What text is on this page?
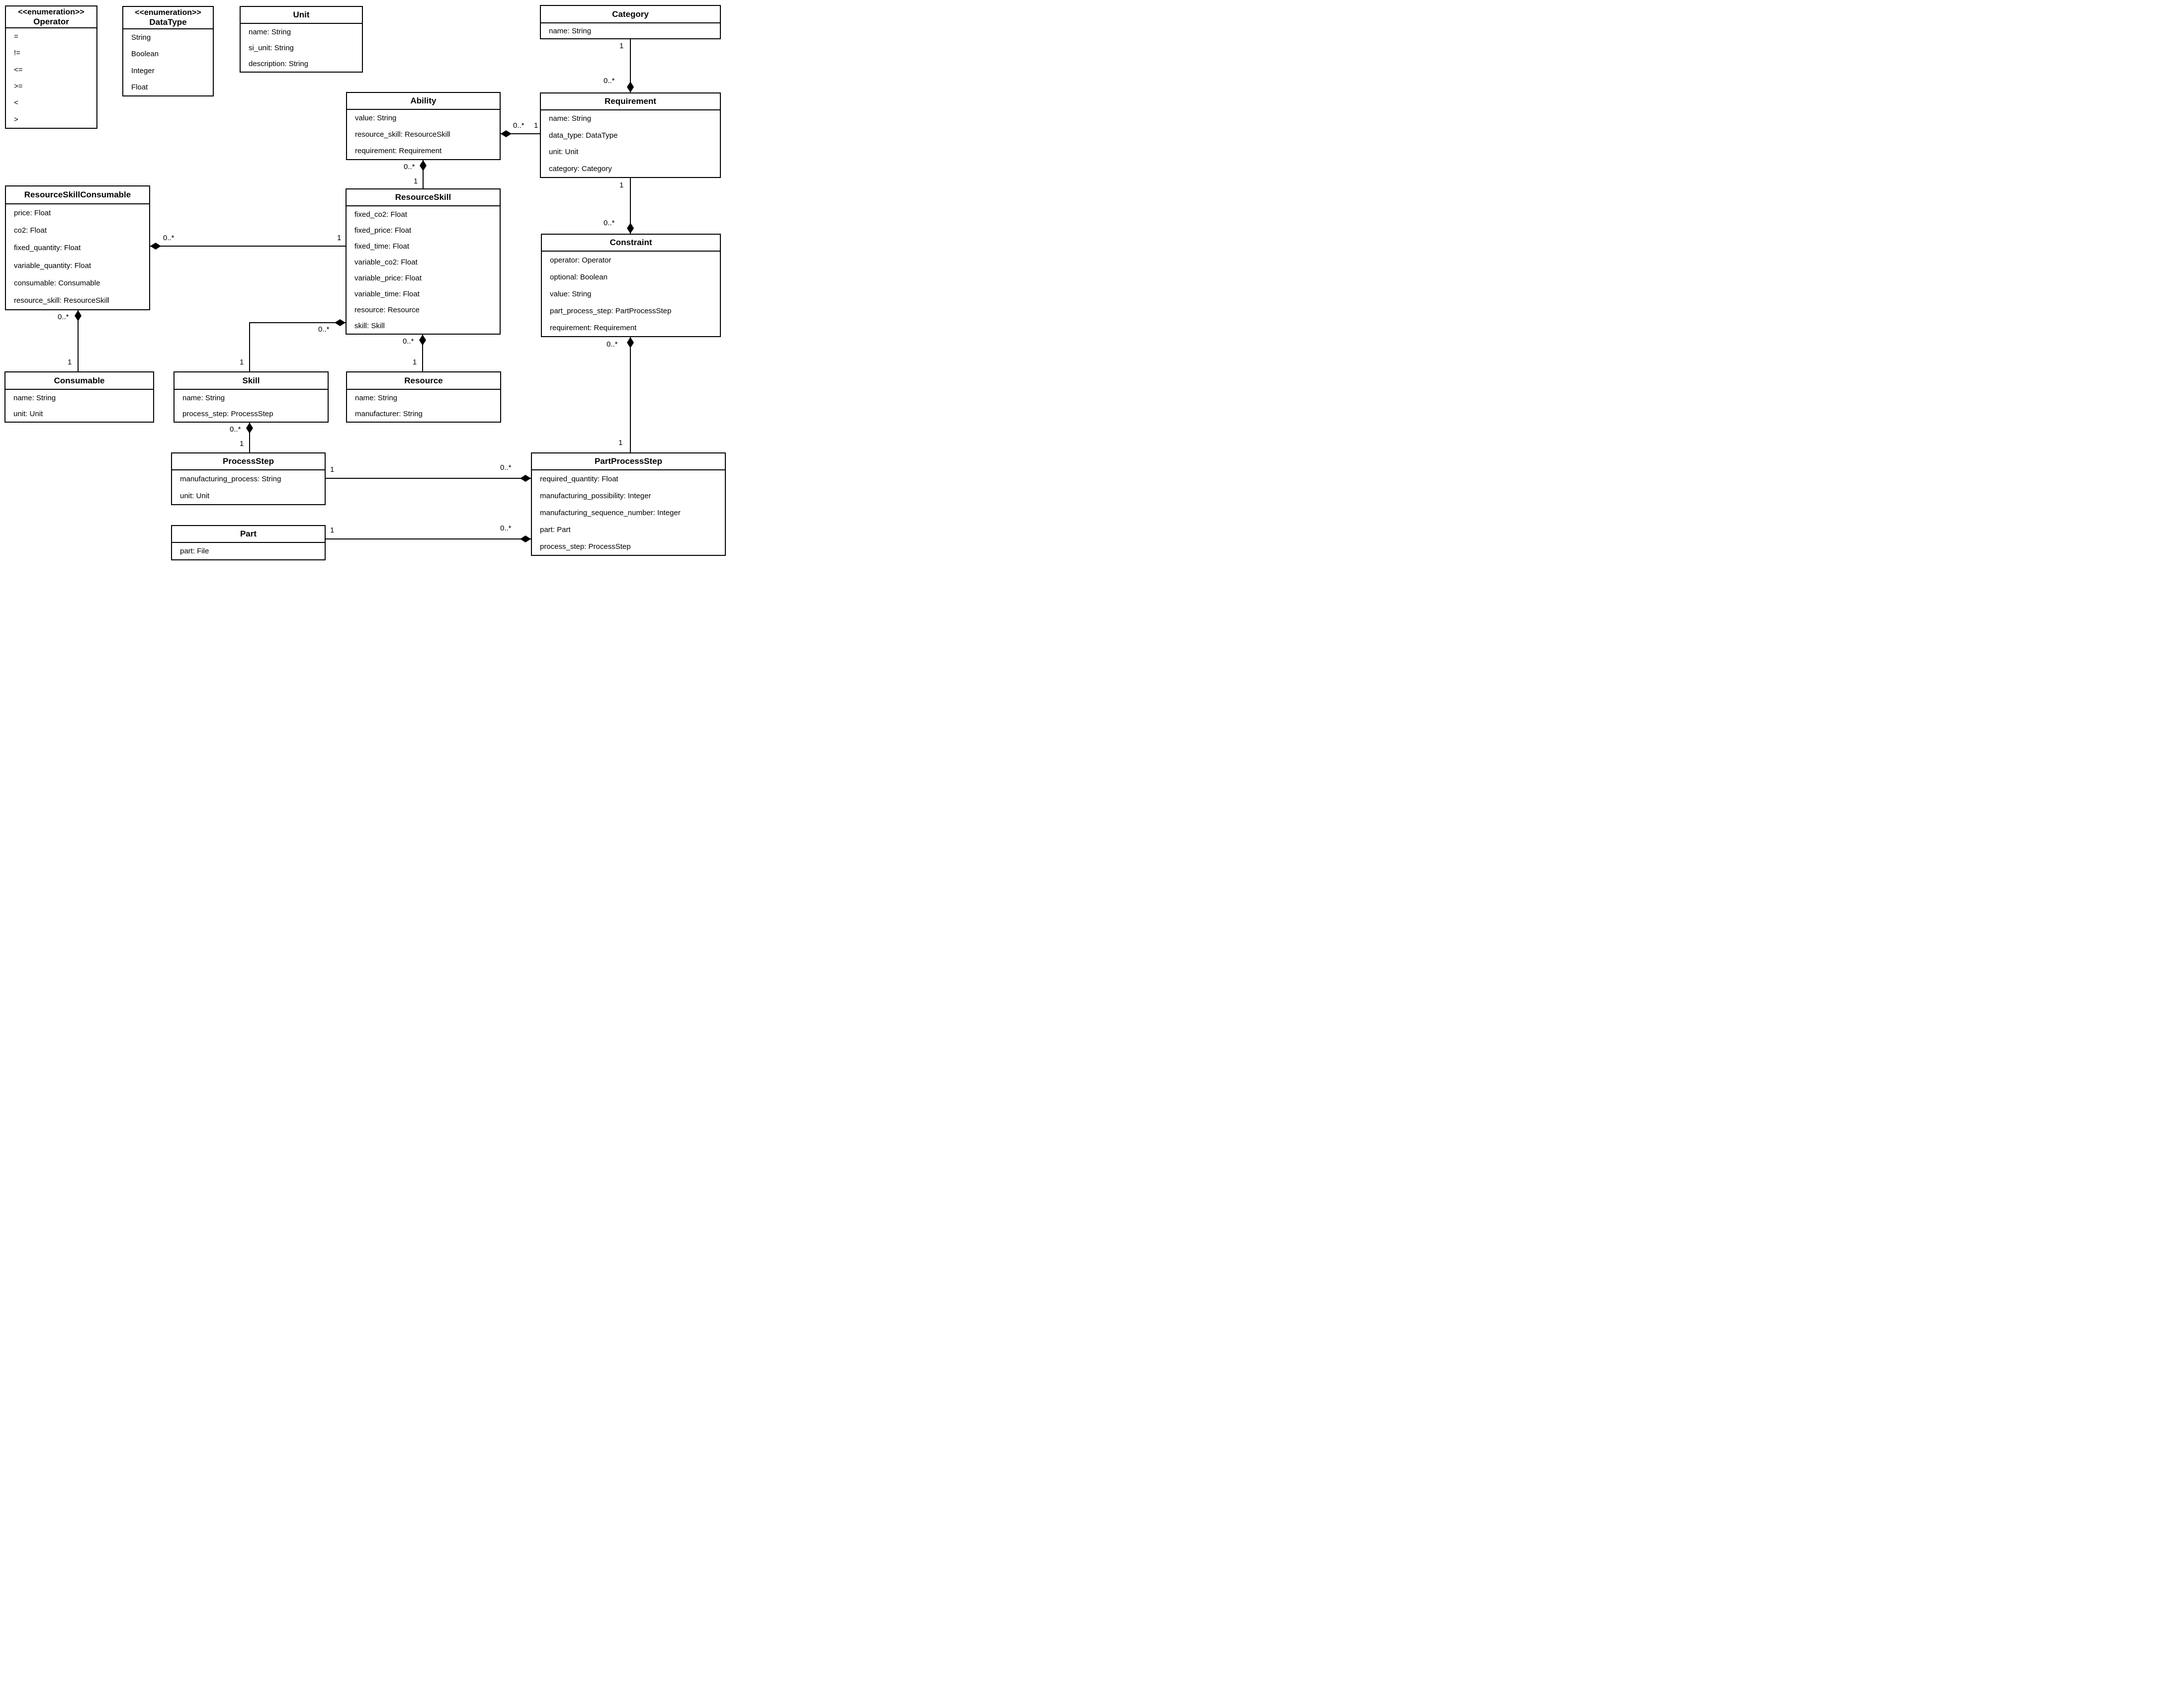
<<enumeration>>
Operator
=
!=
<=
>=
<
>
<<enumeration>>
DataType
String
Boolean
Integer
Float
Unit
name: String
si_unit: String
description: String
Category
name: String
Ability
value: String
resource_skill: ResourceSkill
requirement: Requirement
Requirement
name: String
data_type: DataType
unit: Unit
category: Category
ResourceSkillConsumable
price: Float
co2: Float
fixed_quantity: Float
variable_quantity: Float
consumable: Consumable
resource_skill: ResourceSkill
ResourceSkill
fixed_co2: Float
fixed_price: Float
fixed_time: Float
variable_co2: Float
variable_price: Float
variable_time: Float
resource: Resource
skill: Skill
Constraint
operator: Operator
optional: Boolean
value: String
part_process_step: PartProcessStep
requirement: Requirement
Consumable
name: String
unit: Unit
Skill
name: String
process_step: ProcessStep
Resource
name: String
manufacturer: String
ProcessStep
manufacturing_process: String
unit: Unit
PartProcessStep
required_quantity: Float
manufacturing_possibility: Integer
manufacturing_sequence_number: Integer
part: Part
process_step: ProcessStep
Part
part: File
1
0..*
0..* 1
0..*
1
0..*	1
0..*
1
0..*
1
0..*
1
1
0..*
0..*
1
0..*
1
1	0..*
1	0..*
